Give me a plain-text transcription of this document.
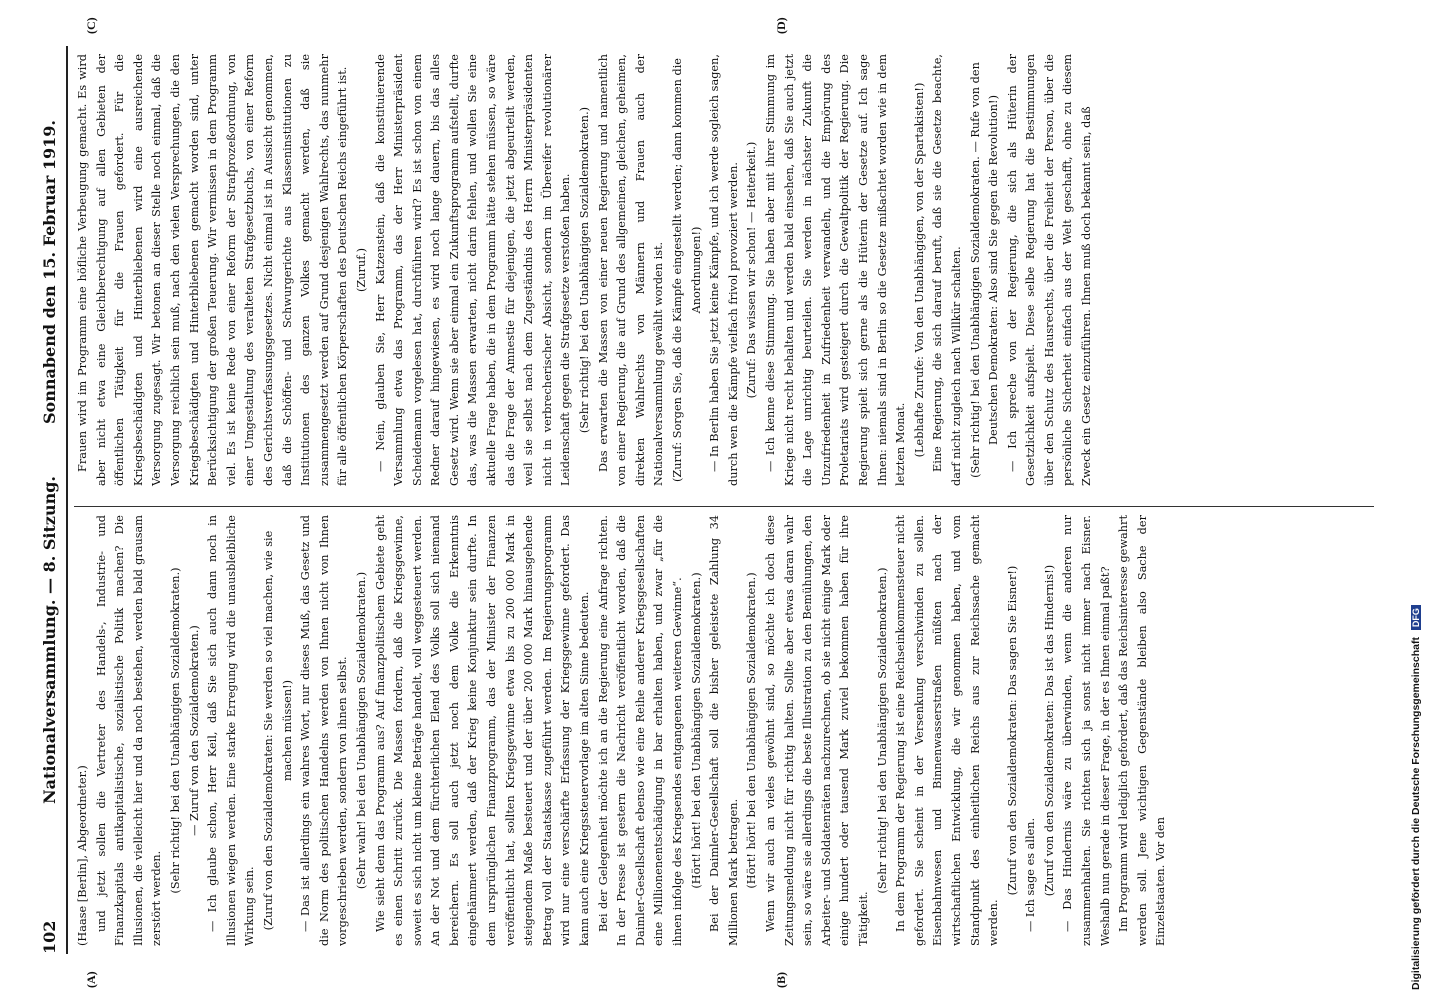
102
Nationalversammlung. — 8. Sitzung.
Sonnabend den 15. Februar 1919.

(Haase [Berlin], Abgeordneter.) und jetzt sollen die Vertreter des Handels-, Industrie- und Finanzkapitals antikapitalistische, sozialistische Politik machen? Die Illusionen, die vielleicht hier und da noch bestehen, werden bald grausam zerstört werden.

(Sehr richtig! bei den Unabhängigen Sozialdemokraten.) — Zuruf von den Sozialdemokraten.) — Ich glaube schon, Herr Keil, daß Sie sich auch dann noch in Illusionen wiegen werden. Eine starke Erregung wird die unausbleibliche Wirkung sein. (Zuruf von den Sozialdemokraten: Sie werden so viel machen, wie sie machen müssen!) — Das ist allerdings ein wahres Wort, nur dieses Muß, das Gesetz und die Norm des politischen Handelns werden von Ihnen nicht von Ihnen vorgeschrieben werden, sondern von ihnen selbst. (Sehr wahr! bei den Unabhängigen Sozialdemokraten.) Wie sieht denn das Programm aus? Auf finanzpolitischem Gebiete geht es einen Schritt zurück. Die Massen fordern, daß die Kriegsgewinne, soweit es sich nicht um kleine Beträge handelt, voll weggesteuert werden. An der Not und dem fürchterlichen Elend des Volks soll sich niemand bereichern. Es soll auch jetzt noch dem Volke die Erkenntnis eingehämmert werden, daß der Krieg keine Konjunktur sein durfte. In dem ursprünglichen Finanzprogramm, das der Minister der Finanzen veröffentlicht hat, sollten Kriegsgewinne etwa bis zu 200 000 Mark in steigendem Maße besteuert und der über 200 000 Mark hinausgehende Betrag voll der Staatskasse zugeführt werden. Im Regierungsprogramm wird nur eine verschärfte Erfassung der Kriegsgewinne gefordert. Das kann auch eine Kriegssteuervorlage im alten Sinne bedeuten. Bei der Gelegenheit möchte ich an die Regierung eine Anfrage richten. In der Presse ist gestern die Nachricht veröffentlicht worden, daß die Daimler-Gesellschaft ebenso wie eine Reihe anderer Kriegsgesellschaften eine Millionenentschädigung in bar erhalten haben, und zwar „für die ihnen infolge des Kriegsendes entgangenen weiteren Gewinne“. (Hört! hört! bei den Unabhängigen Sozialdemokraten.) Bei der Daimler-Gesellschaft soll die bisher geleistete Zahlung 34 Millionen Mark betragen. (Hört! hört! bei den Unabhängigen Sozialdemokraten.) Wenn wir auch an vieles gewöhnt sind, so möchte ich doch diese Zeitungsmeldung nicht für richtig halten. Sollte aber etwas daran wahr sein, so wäre sie allerdings die beste Illustration zu den Bemühungen, den Arbeiter- und Soldatenräten nachzurechnen, ob sie nicht einige Mark oder einige hundert oder tausend Mark zuviel bekommen haben für ihre Tätigkeit.

(Sehr richtig! bei den Unabhängigen Sozialdemokraten.) In dem Programm der Regierung ist eine Reichseinkommensteuer nicht gefordert. Sie scheint in der Versenkung verschwinden zu sollen. Eisenbahnwesen und Binnenwasserstraßen müßten nach der wirtschaftlichen Entwicklung, die wir genommen haben, und vom Standpunkt des einheitlichen Reichs aus zur Reichssache gemacht werden.

(Zuruf von den Sozialdemokraten: Das sagen Sie Eisner!) — Ich sage es allen. (Zuruf von den Sozialdemokraten: Das ist das Hindernis!) — Das Hindernis wäre zu überwinden, wenn die anderen nur zusammenhalten. Sie richten sich ja sonst nicht immer nach Eisner. Weshalb nun gerade in dieser Frage, in der es Ihnen einmal paßt? Im Programm wird lediglich gefordert, daß das Reichsinteresse gewahrt werden soll. Jene wichtigen Gegenstände bleiben also Sache der Einzelstaaten. Vor den

Frauen wird im Programm eine höfliche Verbeugung gemacht. Es wird aber nicht etwa eine Gleichberechtigung auf allen Gebieten der öffentlichen Tätigkeit für die Frauen gefordert. Für die Kriegsbeschädigten und Hinterbliebenen wird eine ausreichende Versorgung zugesagt. Wir betonen an dieser Stelle noch einmal, daß die Versorgung reichlich sein muß, nach den vielen Versprechungen, die den Kriegsbeschädigten und Hinterbliebenen gemacht worden sind, unter Berücksichtigung der großen Teuerung. Wir vermissen in dem Programm viel. Es ist keine Rede von einer Reform der Strafprozeßordnung, von einer Umgestaltung des veralteten Strafgesetzbuchs, von einer Reform des Gerichtsverfassungsgesetzes. Nicht einmal ist in Aussicht genommen, daß die Schöffen- und Schwurgerichte aus Klasseninstitutionen zu Institutionen des ganzen Volkes gemacht werden, daß sie zusammengesetzt werden auf Grund desjenigen Wahlrechts, das nunmehr für alle öffentlichen Körperschaften des Deutschen Reichs eingeführt ist. (Zuruf.) — Nein, glauben Sie, Herr Katzenstein, daß die konstituierende Versammlung etwa das Programm, das der Herr Ministerpräsident Scheidemann vorgelesen hat, durchführen wird? Es ist schon von einem Redner darauf hingewiesen, es wird noch lange dauern, bis das alles Gesetz wird. Wenn sie aber einmal ein Zukunftsprogramm aufstellt, durfte das, was die Massen erwarten, nicht darin fehlen, und wollen Sie eine aktuelle Frage haben, die in dem Programm hätte stehen müssen, so wäre das die Frage der Amnestie für diejenigen, die jetzt abgeurteilt werden, weil sie selbst nach dem Zugeständnis des Herrn Ministerpräsidenten nicht in verbrecherischer Absicht, sondern im Übereifer revolutionärer Leidenschaft gegen die Strafgesetze verstoßen haben. (Sehr richtig! bei den Unabhängigen Sozialdemokraten.) Das erwarten die Massen von einer neuen Regierung und namentlich von einer Regierung, die auf Grund des allgemeinen, gleichen, geheimen, direkten Wahlrechts von Männern und Frauen auch der Nationalversammlung gewählt worden ist. (Zuruf: Sorgen Sie, daß die Kämpfe eingestellt werden; dann kommen die Anordnungen!) — In Berlin haben Sie jetzt keine Kämpfe, und ich werde sogleich sagen, durch wen die Kämpfe vielfach frivol provoziert werden. (Zuruf: Das wissen wir schon! — Heiterkeit.) — Ich kenne diese Stimmung. Sie haben aber mit ihrer Stimmung im Kriege nicht recht behalten und werden bald einsehen, daß Sie auch jetzt die Lage unrichtig beurteilen. Sie werden in nächster Zukunft die Unzufriedenheit in Zufriedenheit verwandeln, und die Empörung des Proletariats wird gesteigert durch die Gewaltpolitik der Regierung. Die Regierung spielt sich gerne als die Hüterin der Gesetze auf. Ich sage Ihnen: niemals sind in Berlin so die Gesetze mißachtet worden wie in dem letzten Monat. (Lebhafte Zurufe: Von den Unabhängigen, von der Spartakisten!) Eine Regierung, die sich darauf beruft, daß sie die Gesetze beachte, darf nicht zugleich nach Willkür schalten. (Sehr richtig! bei den Unabhängigen Sozialdemokraten. — Rufe von den Deutschen Demokraten: Also sind Sie gegen die Revolution!) — Ich spreche von der Regierung, die sich als Hüterin der Gesetzlichkeit aufspielt. Diese selbe Regierung hat die Bestimmungen über den Schutz des Hausrechts, über die Freiheit der Person, über die persönliche Sicherheit einfach aus der Welt geschafft, ohne zu diesem Zweck ein Gesetz einzuführen. Ihnen muß doch bekannt sein, daß

(A)	(B)
(C)	(D)
Digitalisierung gefördert durch die Deutsche Forschungsgemeinschaft DFG
